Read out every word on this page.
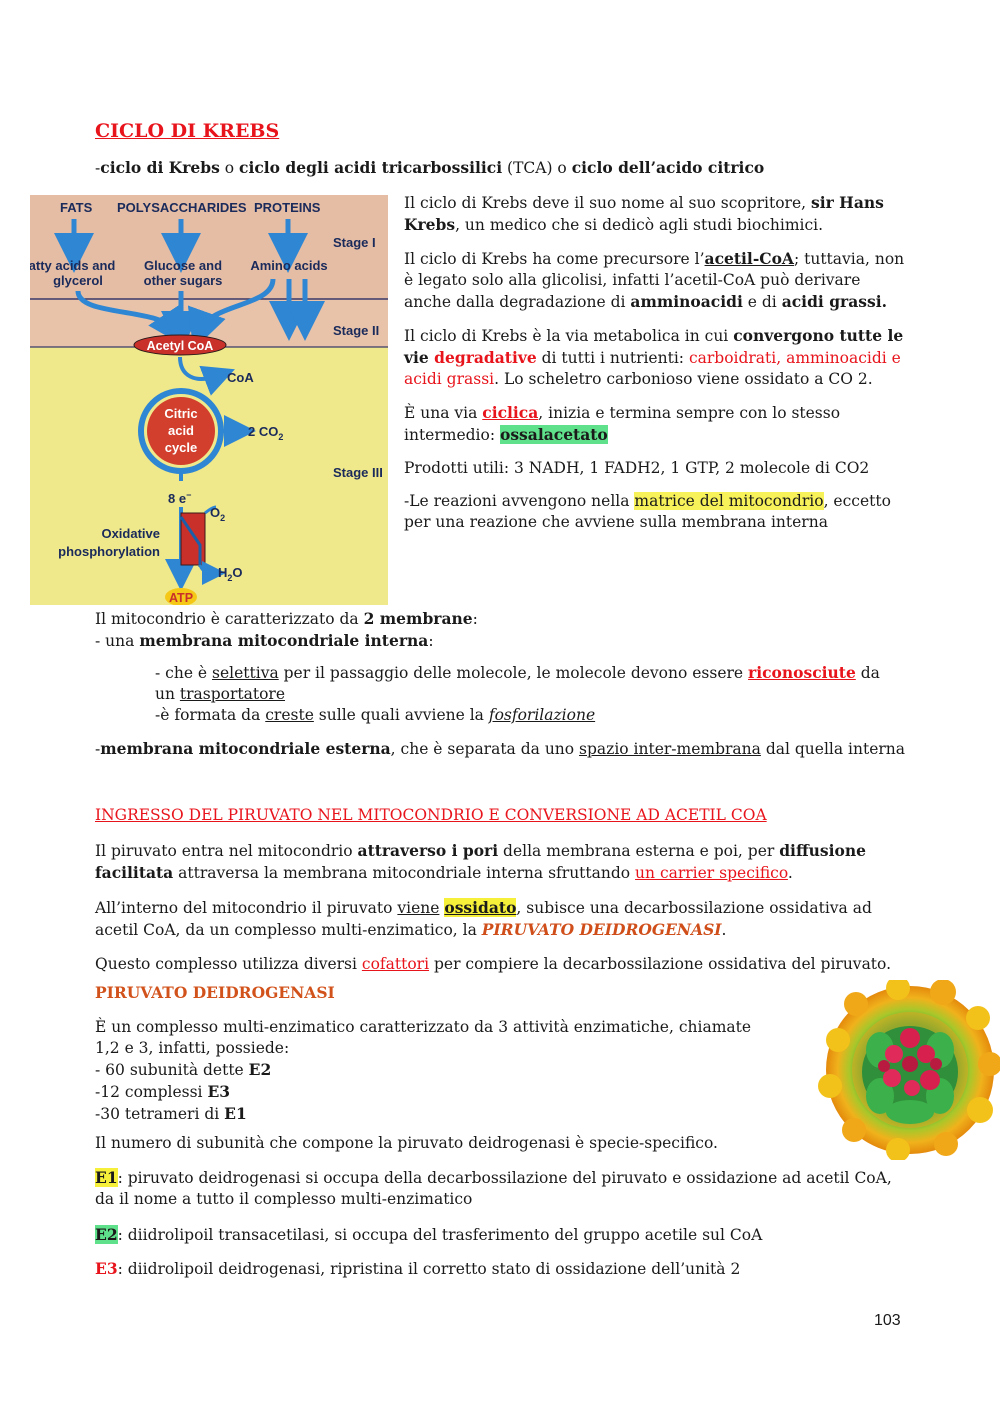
CICLO DI KREBS
-ciclo di Krebs o ciclo degli acidi tricarbossilici (TCA) o ciclo dell’acido citrico
FATS POLYSACCHARIDES PROTEINS
Stage I
Fatty acids and
glycerol
Glucose and
other sugars
Amino acids
Stage II
Acetyl CoA
CoA
Citric
acid
cycle
2 $CO_2$
Stage III
8 e−
$O_2$
Oxidative
phosphorylation
$H_2O$
ATP

Il ciclo di Krebs deve il suo nome al suo scopritore, sir Hans Krebs, un medico che si dedicò agli studi biochimici.

Il ciclo di Krebs ha come precursore l’acetil-CoA; tuttavia, non è legato solo alla glicolisi, infatti l’acetil-CoA può derivare anche dalla degradazione di amminoacidi e di acidi grassi.

Il ciclo di Krebs è la via metabolica in cui convergono tutte le vie degradative di tutti i nutrienti: carboidrati, amminoacidi e acidi grassi. Lo scheletro carbonioso viene ossidato a CO 2.

È una via ciclica, inizia e termina sempre con lo stesso intermedio: ossalacetato

Prodotti utili: 3 NADH, 1 FADH2, 1 GTP, 2 molecole di CO2

-Le reazioni avvengono nella matrice del mitocondrio, eccetto per una reazione che avviene sulla membrana interna

Il mitocondrio è caratterizzato da 2 membrane:
- una membrana mitocondriale interna:
- che è selettiva per il passaggio delle molecole, le molecole devono essere riconosciute da un trasportatore
-è formata da creste sulle quali avviene la fosforilazione
-membrana mitocondriale esterna, che è separata da uno spazio inter-membrana dal quella interna
INGRESSO DEL PIRUVATO NEL MITOCONDRIO E CONVERSIONE AD ACETIL COA

Il piruvato entra nel mitocondrio attraverso i pori della membrana esterna e poi, per diffusione facilitata attraversa la membrana mitocondriale interna sfruttando un carrier specifico.

All’interno del mitocondrio il piruvato viene ossidato, subisce una decarbossilazione ossidativa ad acetil CoA, da un complesso multi-enzimatico, la PIRUVATO DEIDROGENASI.

Questo complesso utilizza diversi cofattori per compiere la decarbossilazione ossidativa del piruvato.

PIRUVATO DEIDROGENASI
È un complesso multi-enzimatico caratterizzato da 3 attività enzimatiche, chiamate 1,2 e 3, infatti, possiede:
- 60 subunità dette E2
-12 complessi E3
-30 tetrameri di E1
Il numero di subunità che compone la piruvato deidrogenasi è specie-specifico.
E1: piruvato deidrogenasi si occupa della decarbossilazione del piruvato e ossidazione ad acetil CoA, da il nome a tutto il complesso multi-enzimatico
E2: diidrolipoil transacetilasi, si occupa del trasferimento del gruppo acetile sul CoA
E3: diidrolipoil deidrogenasi, ripristina il corretto stato di ossidazione dell’unità 2
103
